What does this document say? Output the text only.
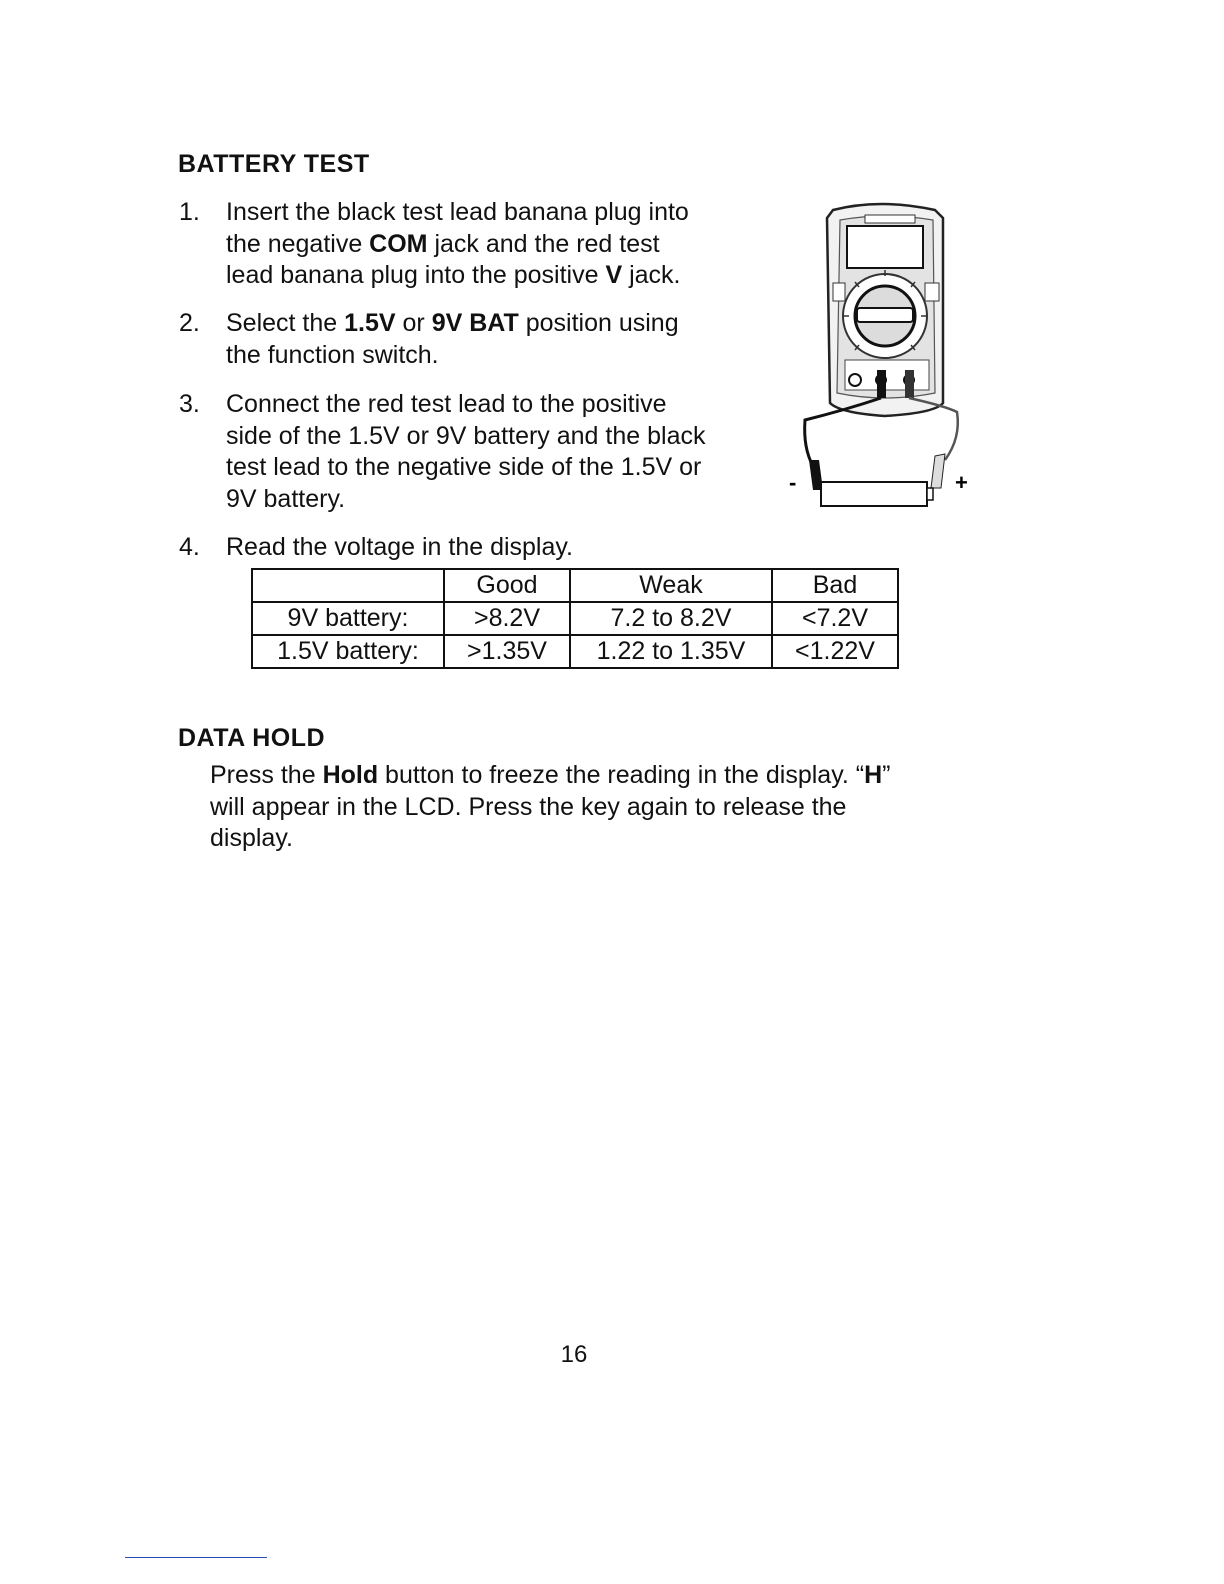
BATTERY TEST
1. Insert the black test lead banana plug into
the negative COM jack and the red test
lead banana plug into the positive V jack.
2. Select the 1.5V or 9V BAT position using
the function switch.
3. Connect the red test lead to the positive
side of the 1.5V or 9V battery and the black
test lead to the negative side of the 1.5V or
9V battery.
4. Read the voltage in the display.
	Good	Weak	Bad
9V battery:	>8.2V	7.2 to 8.2V	<7.2V
1.5V battery:	>1.35V	1.22 to 1.35V	<1.22V
-	+
DATA HOLD
Press the Hold button to freeze the reading in the display. “H”
will appear in the LCD. Press the key again to release the
display.
16
